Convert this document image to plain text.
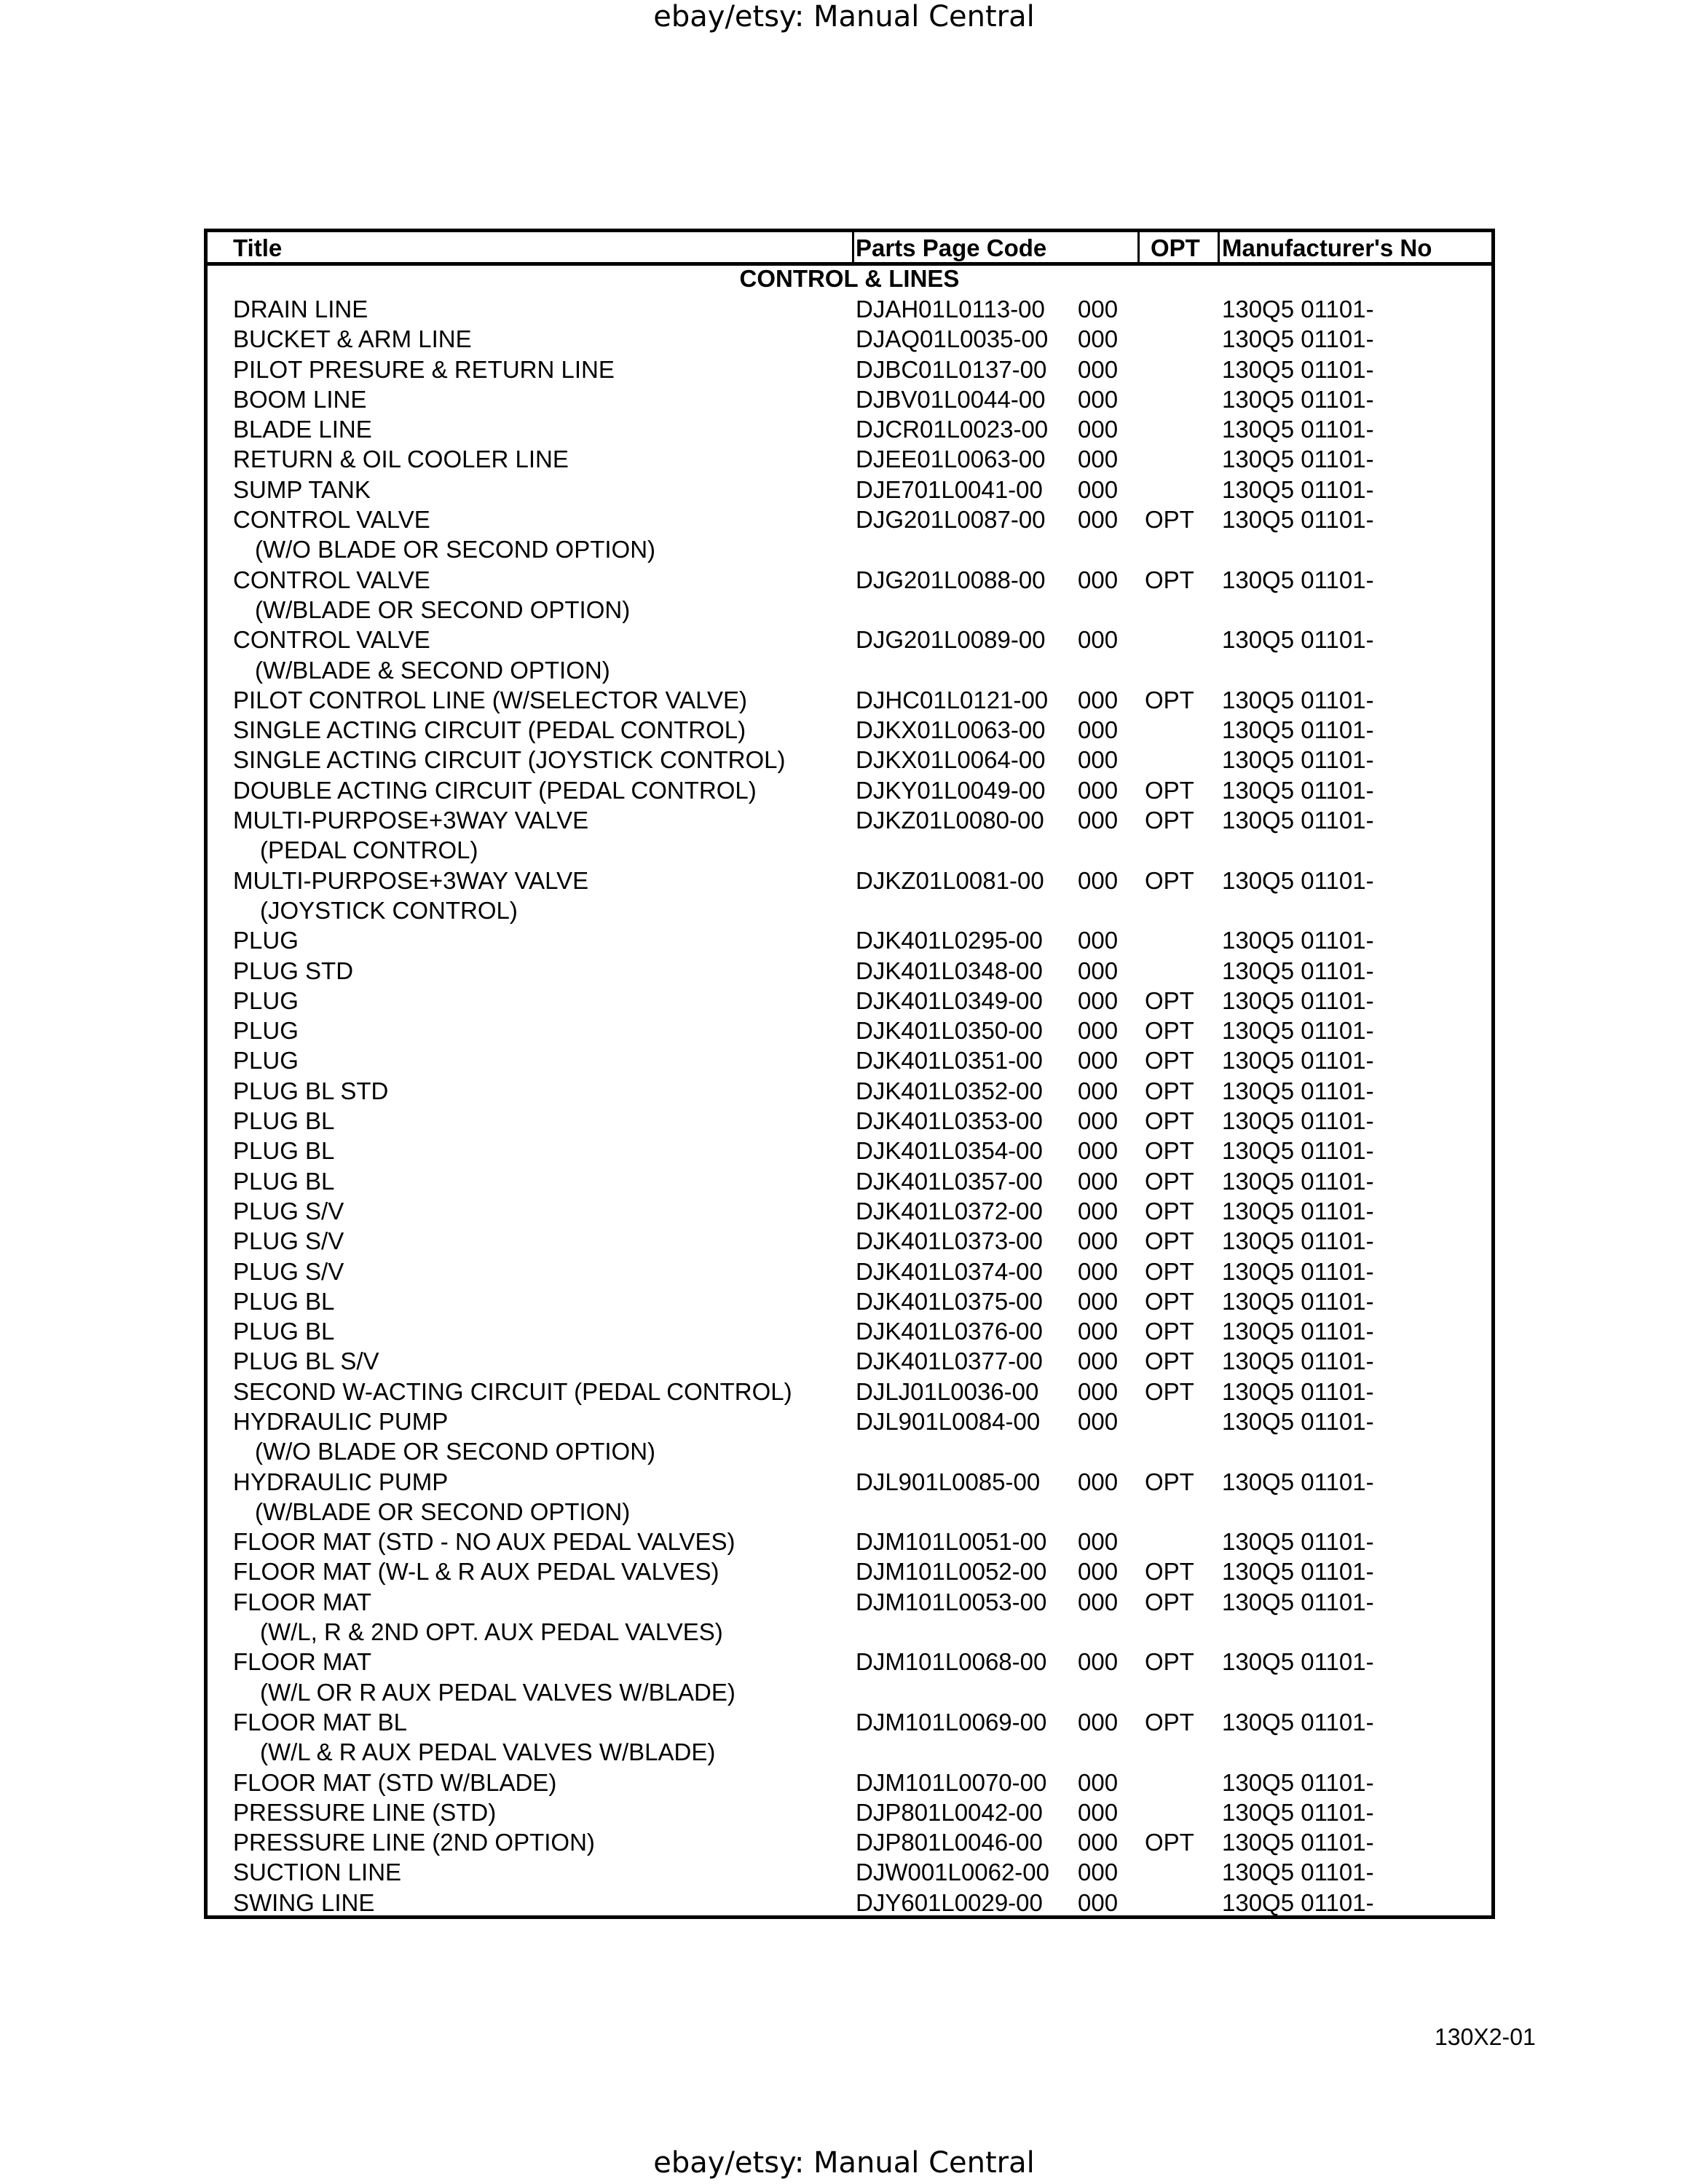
ebay/etsy: Manual Central
Title	Parts Page Code	OPT Manufacturer's No
CONTROL & LINES
DRAIN LINE	DJAH01L0113-00 000	130Q5 01101-
BUCKET & ARM LINE	DJAQ01L0035-00 000	130Q5 01101-
PILOT PRESURE & RETURN LINE	DJBC01L0137-00 000	130Q5 01101-
BOOM LINE	DJBV01L0044-00 000	130Q5 01101-
BLADE LINE	DJCR01L0023-00 000	130Q5 01101-
RETURN & OIL COOLER LINE	DJEE01L0063-00 000	130Q5 01101-
SUMP TANK	DJE701L0041-00 000	130Q5 01101-
CONTROL VALVE	DJG201L0087-00 000 OPT 130Q5 01101-
(W/O BLADE OR SECOND OPTION)
CONTROL VALVE	DJG201L0088-00 000 OPT 130Q5 01101-
(W/BLADE OR SECOND OPTION)
CONTROL VALVE	DJG201L0089-00 000	130Q5 01101-
(W/BLADE & SECOND OPTION)
PILOT CONTROL LINE (W/SELECTOR VALVE)	DJHC01L0121-00 000 OPT 130Q5 01101-
SINGLE ACTING CIRCUIT (PEDAL CONTROL)	DJKX01L0063-00 000	130Q5 01101-
SINGLE ACTING CIRCUIT (JOYSTICK CONTROL)	DJKX01L0064-00 000	130Q5 01101-
DOUBLE ACTING CIRCUIT (PEDAL CONTROL)	DJKY01L0049-00 000 OPT 130Q5 01101-
MULTI-PURPOSE+3WAY VALVE	DJKZ01L0080-00 000 OPT 130Q5 01101-
(PEDAL CONTROL)
MULTI-PURPOSE+3WAY VALVE	DJKZ01L0081-00 000 OPT 130Q5 01101-
(JOYSTICK CONTROL)
PLUG	DJK401L0295-00 000	130Q5 01101-
PLUG STD	DJK401L0348-00 000	130Q5 01101-
PLUG	DJK401L0349-00 000 OPT 130Q5 01101-
PLUG	DJK401L0350-00 000 OPT 130Q5 01101-
PLUG	DJK401L0351-00 000 OPT 130Q5 01101-
PLUG BL STD	DJK401L0352-00 000 OPT 130Q5 01101-
PLUG BL	DJK401L0353-00 000 OPT 130Q5 01101-
PLUG BL	DJK401L0354-00 000 OPT 130Q5 01101-
PLUG BL	DJK401L0357-00 000 OPT 130Q5 01101-
PLUG S/V	DJK401L0372-00 000 OPT 130Q5 01101-
PLUG S/V	DJK401L0373-00 000 OPT 130Q5 01101-
PLUG S/V	DJK401L0374-00 000 OPT 130Q5 01101-
PLUG BL	DJK401L0375-00 000 OPT 130Q5 01101-
PLUG BL	DJK401L0376-00 000 OPT 130Q5 01101-
PLUG BL S/V	DJK401L0377-00 000 OPT 130Q5 01101-
SECOND W-ACTING CIRCUIT (PEDAL CONTROL)	DJLJ01L0036-00 000 OPT 130Q5 01101-
HYDRAULIC PUMP	DJL901L0084-00 000	130Q5 01101-
(W/O BLADE OR SECOND OPTION)
HYDRAULIC PUMP	DJL901L0085-00 000 OPT 130Q5 01101-
(W/BLADE OR SECOND OPTION)
FLOOR MAT (STD - NO AUX PEDAL VALVES)	DJM101L0051-00 000	130Q5 01101-
FLOOR MAT (W-L & R AUX PEDAL VALVES)	DJM101L0052-00 000 OPT 130Q5 01101-
FLOOR MAT	DJM101L0053-00 000 OPT 130Q5 01101-
(W/L, R & 2ND OPT. AUX PEDAL VALVES)
FLOOR MAT	DJM101L0068-00 000 OPT 130Q5 01101-
(W/L OR R AUX PEDAL VALVES W/BLADE)
FLOOR MAT BL	DJM101L0069-00 000 OPT 130Q5 01101-
(W/L & R AUX PEDAL VALVES W/BLADE)
FLOOR MAT (STD W/BLADE)	DJM101L0070-00 000	130Q5 01101-
PRESSURE LINE (STD)	DJP801L0042-00 000	130Q5 01101-
PRESSURE LINE (2ND OPTION)	DJP801L0046-00 000 OPT 130Q5 01101-
SUCTION LINE	DJW001L0062-00 000	130Q5 01101-
SWING LINE	DJY601L0029-00 000	130Q5 01101-
130X2-01
ebay/etsy: Manual Central
